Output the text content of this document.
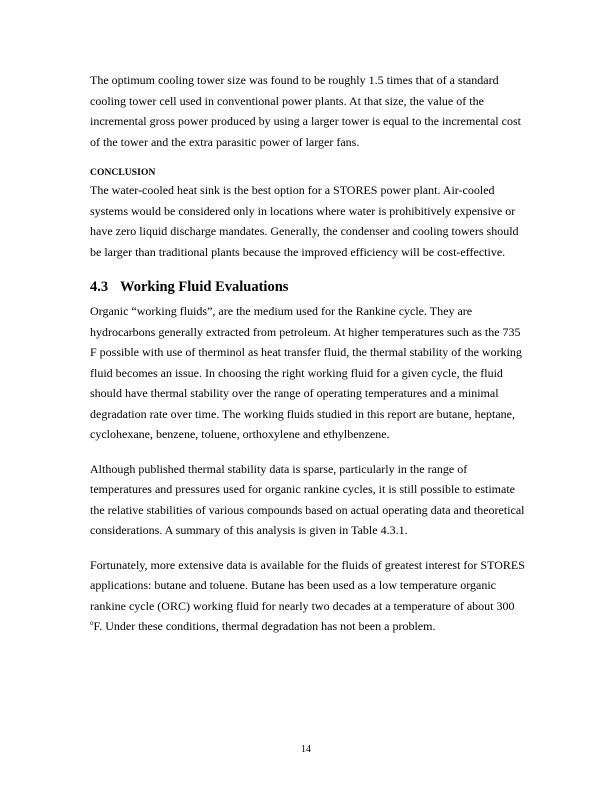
The optimum cooling tower size was found to be roughly 1.5 times that of a standard cooling tower cell used in conventional power plants. At that size, the value of the incremental gross power produced by using a larger tower is equal to the incremental cost of the tower and the extra parasitic power of larger fans.

CONCLUSION

The water-cooled heat sink is the best option for a STORES power plant. Air-cooled systems would be considered only in locations where water is prohibitively expensive or have zero liquid discharge mandates. Generally, the condenser and cooling towers should be larger than traditional plants because the improved efficiency will be cost-effective.

4.3 Working Fluid Evaluations

Organic “working fluids”, are the medium used for the Rankine cycle. They are hydrocarbons generally extracted from petroleum. At higher temperatures such as the 735 F possible with use of therminol as heat transfer fluid, the thermal stability of the working fluid becomes an issue. In choosing the right working fluid for a given cycle, the fluid should have thermal stability over the range of operating temperatures and a minimal degradation rate over time. The working fluids studied in this report are butane, heptane, cyclohexane, benzene, toluene, orthoxylene and ethylbenzene.

Although published thermal stability data is sparse, particularly in the range of temperatures and pressures used for organic rankine cycles, it is still possible to estimate the relative stabilities of various compounds based on actual operating data and theoretical considerations. A summary of this analysis is given in Table 4.3.1.

Fortunately, more extensive data is available for the fluids of greatest interest for STORES applications: butane and toluene. Butane has been used as a low temperature organic rankine cycle (ORC) working fluid for nearly two decades at a temperature of about 300 $^o$F. Under these conditions, thermal degradation has not been a problem.

14
